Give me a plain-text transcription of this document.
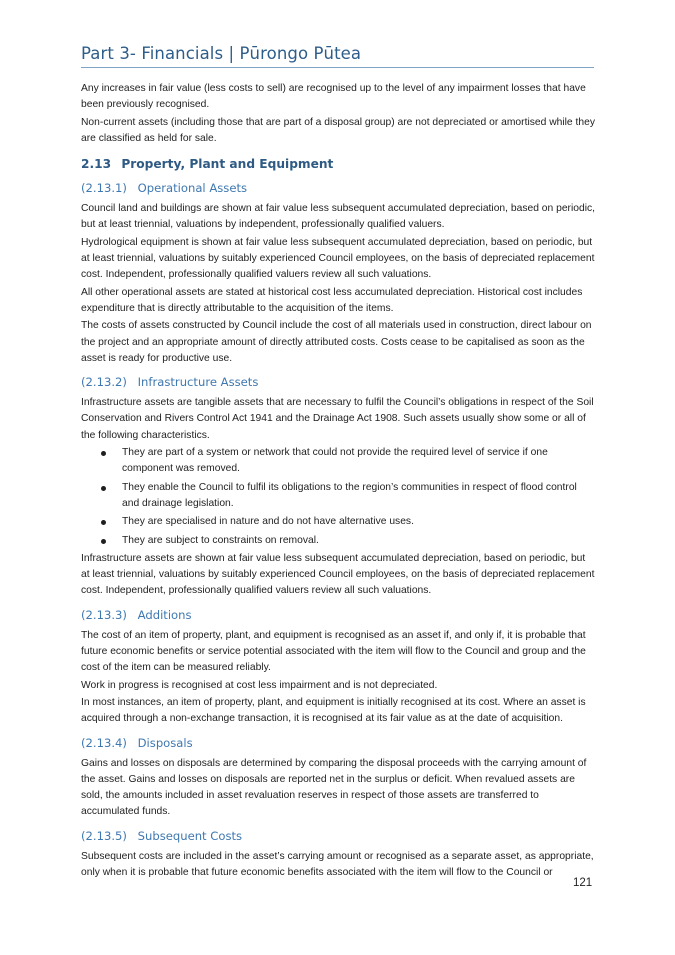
Part 3- Financials | Pūrongo Pūtea

Any increases in fair value (less costs to sell) are recognised up to the level of any impairment losses that have been previously recognised.

Non-current assets (including those that are part of a disposal group) are not depreciated or amortised while they are classified as held for sale.

2.13 Property, Plant and Equipment
(2.13.1) Operational Assets

Council land and buildings are shown at fair value less subsequent accumulated depreciation, based on periodic, but at least triennial, valuations by independent, professionally qualified valuers.

Hydrological equipment is shown at fair value less subsequent accumulated depreciation, based on periodic, but at least triennial, valuations by suitably experienced Council employees, on the basis of depreciated replacement cost. Independent, professionally qualified valuers review all such valuations.

All other operational assets are stated at historical cost less accumulated depreciation. Historical cost includes expenditure that is directly attributable to the acquisition of the items.

The costs of assets constructed by Council include the cost of all materials used in construction, direct labour on the project and an appropriate amount of directly attributed costs. Costs cease to be capitalised as soon as the asset is ready for productive use.

(2.13.2) Infrastructure Assets

Infrastructure assets are tangible assets that are necessary to fulfil the Council’s obligations in respect of the Soil Conservation and Rivers Control Act 1941 and the Drainage Act 1908. Such assets usually show some or all of the following characteristics.

They are part of a system or network that could not provide the required level of service if one component was removed.
They enable the Council to fulfil its obligations to the region’s communities in respect of flood control and drainage legislation.
They are specialised in nature and do not have alternative uses.
They are subject to constraints on removal.

Infrastructure assets are shown at fair value less subsequent accumulated depreciation, based on periodic, but at least triennial, valuations by suitably experienced Council employees, on the basis of depreciated replacement cost. Independent, professionally qualified valuers review all such valuations.

(2.13.3) Additions

The cost of an item of property, plant, and equipment is recognised as an asset if, and only if, it is probable that future economic benefits or service potential associated with the item will flow to the Council and group and the cost of the item can be measured reliably.

Work in progress is recognised at cost less impairment and is not depreciated.

In most instances, an item of property, plant, and equipment is initially recognised at its cost. Where an asset is acquired through a non-exchange transaction, it is recognised at its fair value as at the date of acquisition.

(2.13.4) Disposals

Gains and losses on disposals are determined by comparing the disposal proceeds with the carrying amount of the asset. Gains and losses on disposals are reported net in the surplus or deficit. When revalued assets are sold, the amounts included in asset revaluation reserves in respect of those assets are transferred to accumulated funds.

(2.13.5) Subsequent Costs

Subsequent costs are included in the asset’s carrying amount or recognised as a separate asset, as appropriate, only when it is probable that future economic benefits associated with the item will flow to the Council or

121
